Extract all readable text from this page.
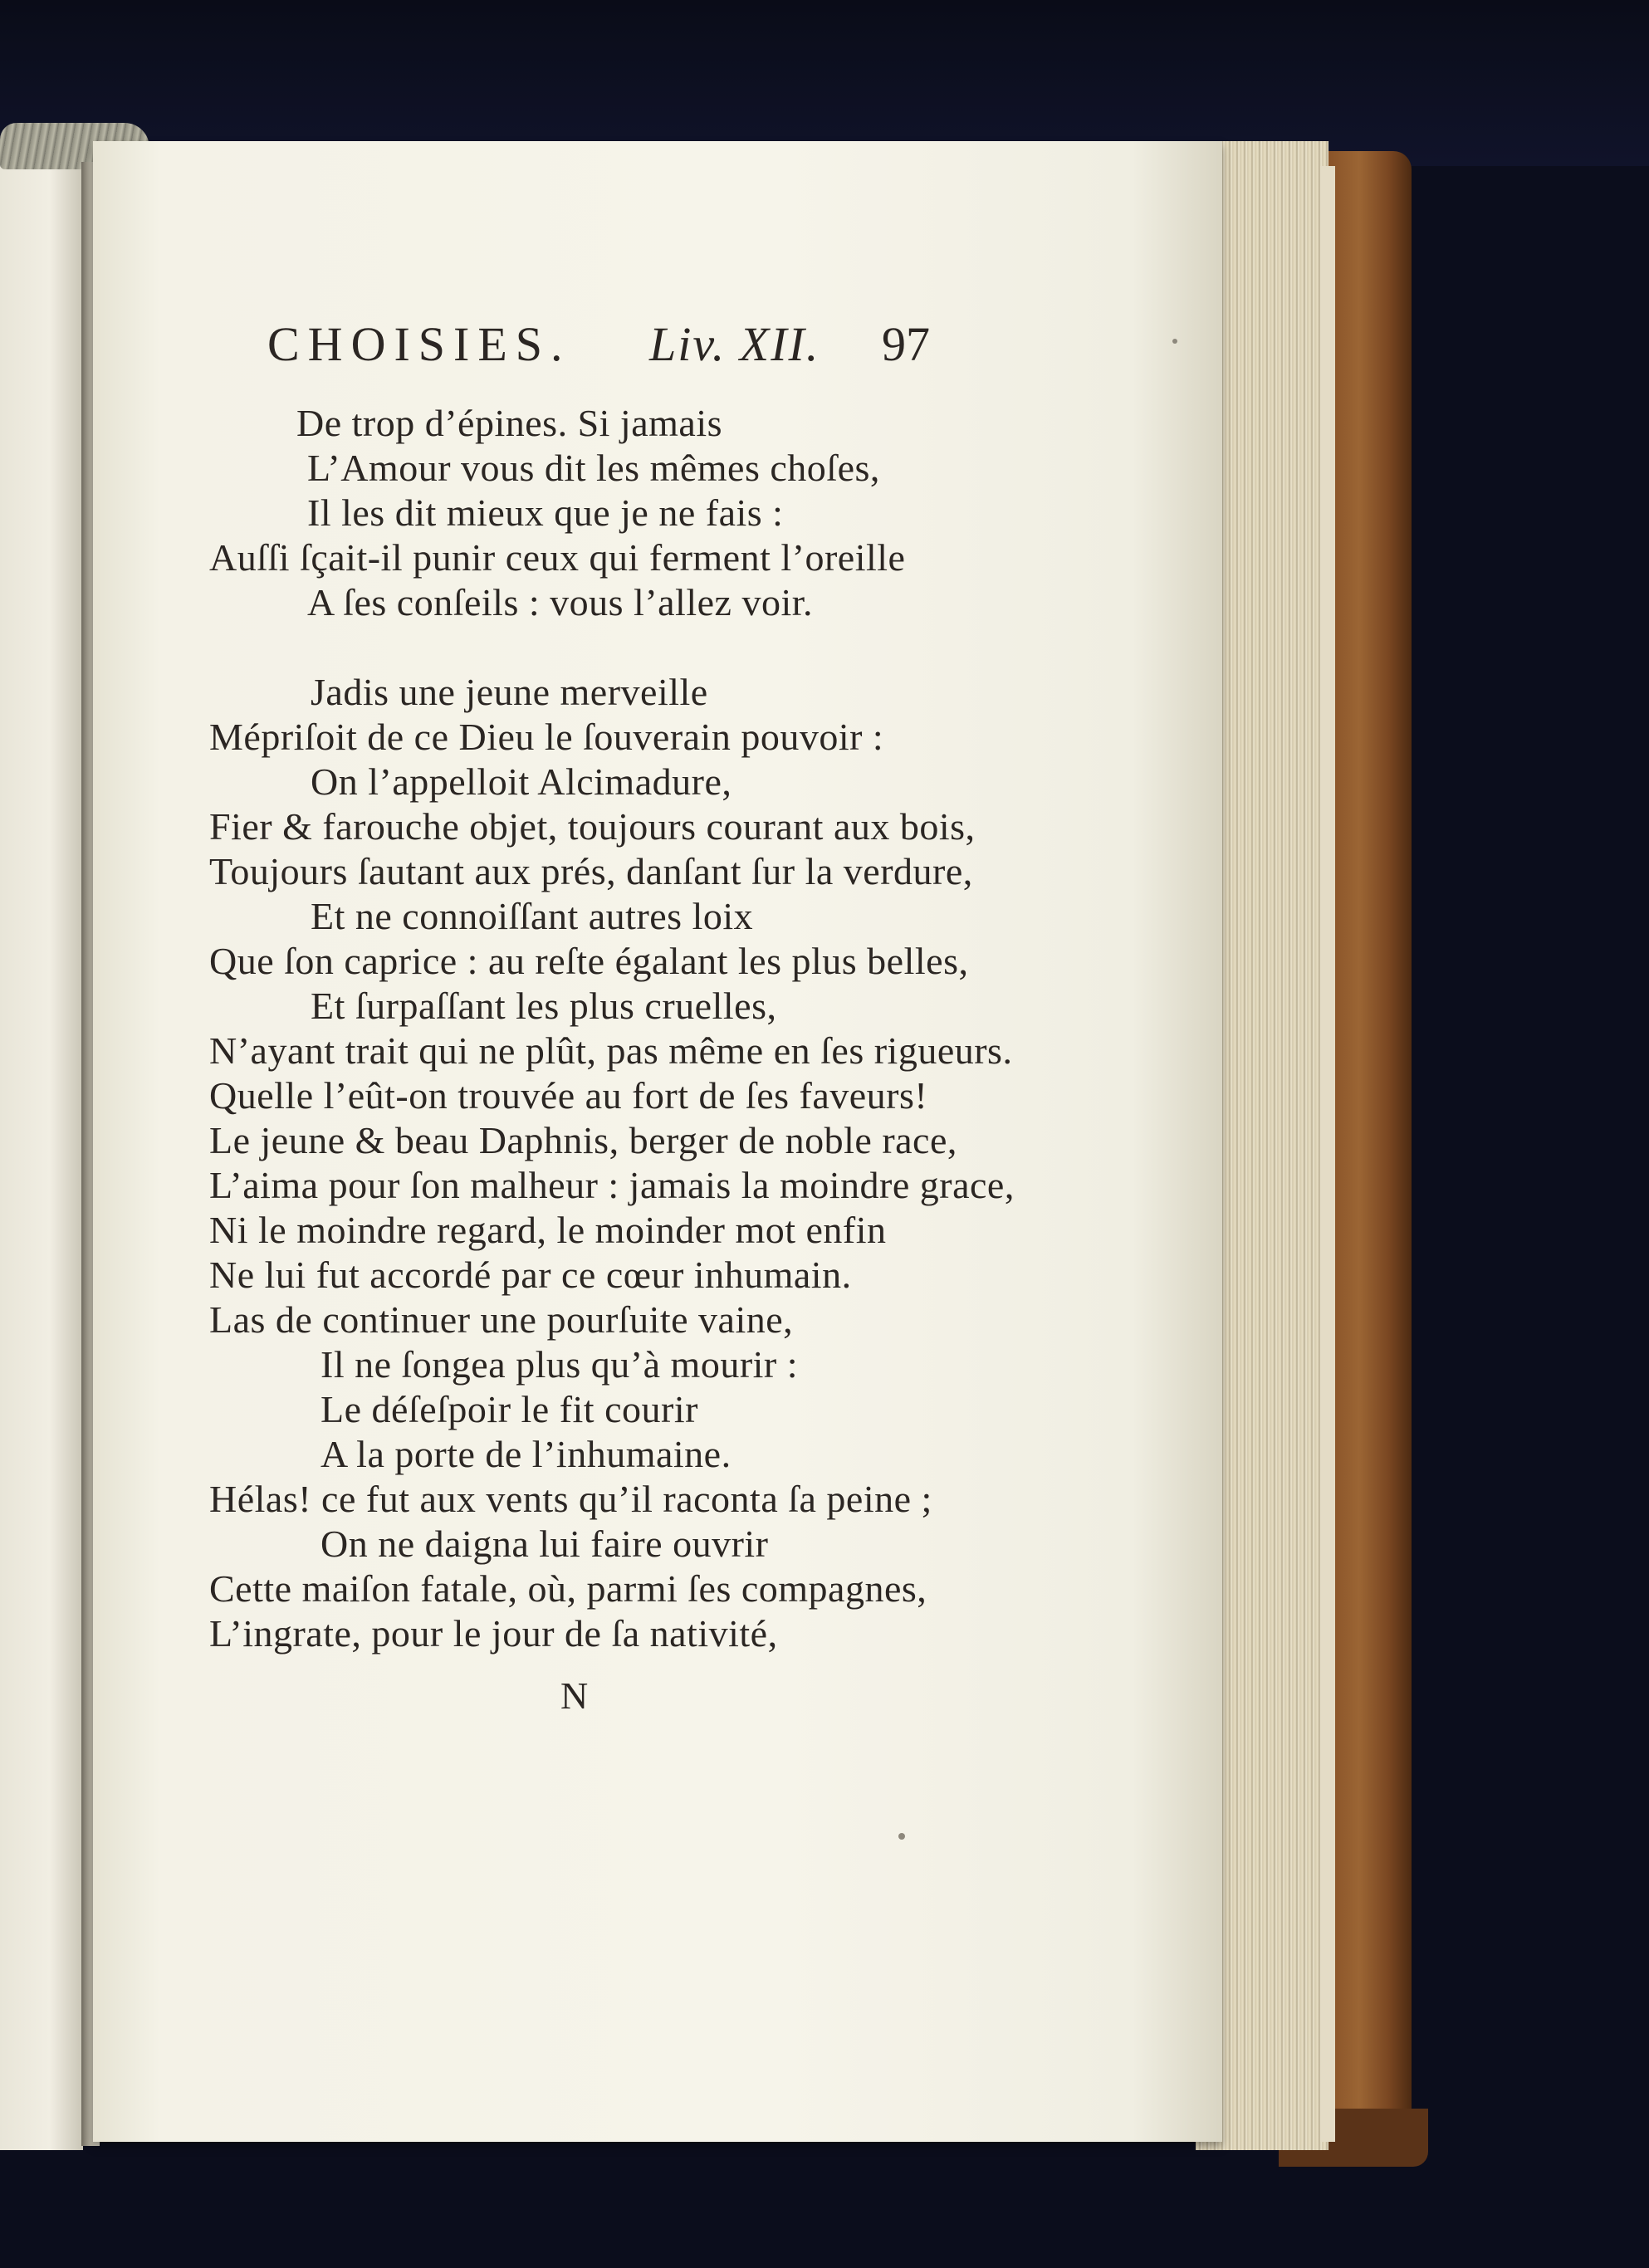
CHOISIES. Liv. XII. 97
De trop d’épines. Si jamais
L’Amour vous dit les mêmes choſes,
Il les dit mieux que je ne fais :
Auſſi ſçait-il punir ceux qui ferment l’oreille
A ſes conſeils : vous l’allez voir.
Jadis une jeune merveille
Mépriſoit de ce Dieu le ſouverain pouvoir :
On l’appelloit Alcimadure,
Fier & farouche objet, toujours courant aux bois,
Toujours ſautant aux prés, danſant ſur la verdure,
Et ne connoiſſant autres loix
Que ſon caprice : au reſte égalant les plus belles,
Et ſurpaſſant les plus cruelles,
N’ayant trait qui ne plût, pas même en ſes rigueurs.
Quelle l’eût-on trouvée au fort de ſes faveurs!
Le jeune & beau Daphnis, berger de noble race,
L’aima pour ſon malheur : jamais la moindre grace,
Ni le moindre regard, le moinder mot enfin
Ne lui fut accordé par ce cœur inhumain.
Las de continuer une pourſuite vaine,
Il ne ſongea plus qu’à mourir :
Le déſeſpoir le fit courir
A la porte de l’inhumaine.
Hélas! ce fut aux vents qu’il raconta ſa peine ;
On ne daigna lui faire ouvrir
Cette maiſon fatale, où, parmi ſes compagnes,
L’ingrate, pour le jour de ſa nativité,
N
